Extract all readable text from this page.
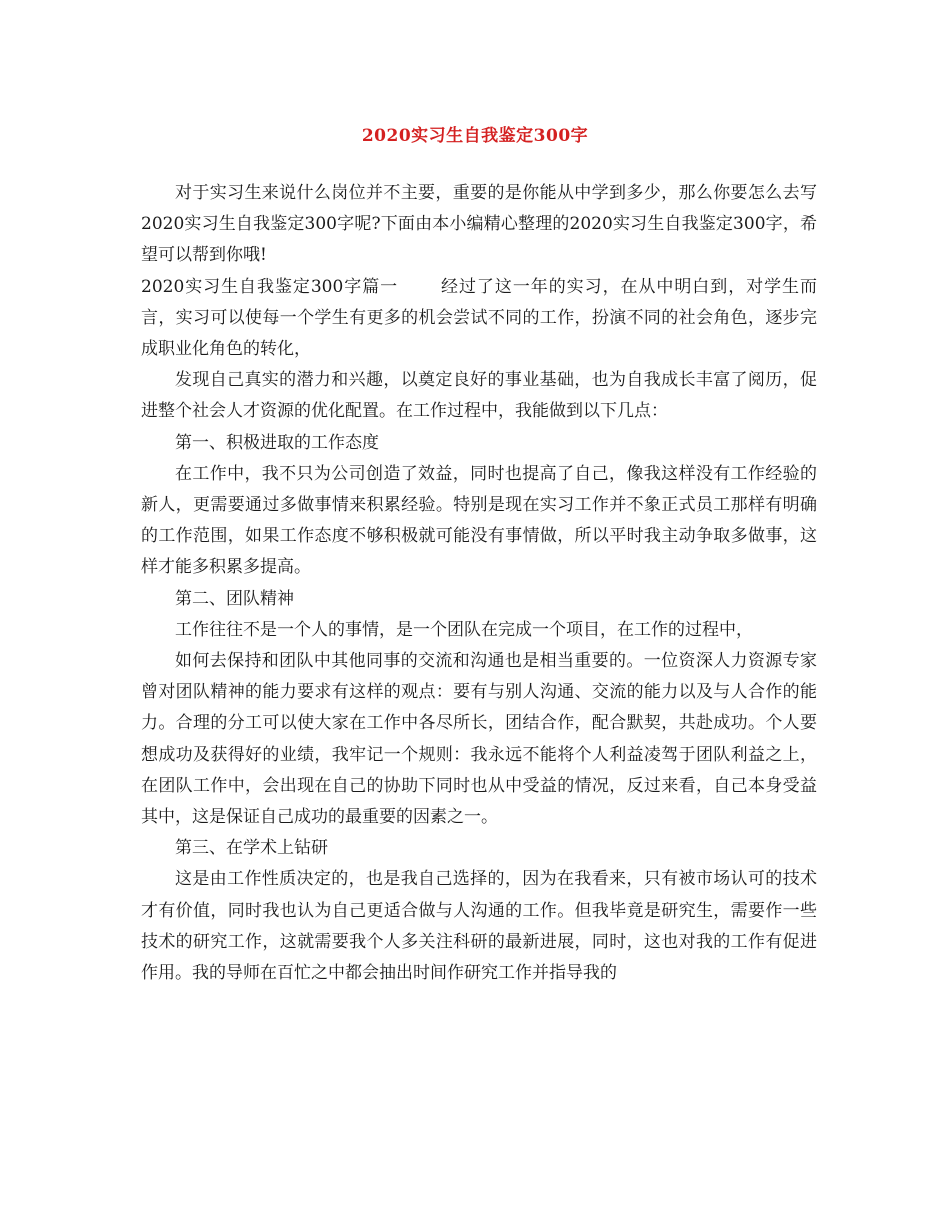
2020实习生自我鉴定300字

对于实习生来说什么岗位并不主要，重要的是你能从中学到多少，那么你要怎么去写2020实习生自我鉴定300字呢?下面由本小编精心整理的2020实习生自我鉴定300字，希望可以帮到你哦!

2020实习生自我鉴定300字篇一 经过了这一年的实习，在从中明白到，对学生而言，实习可以使每一个学生有更多的机会尝试不同的工作，扮演不同的社会角色，逐步完成职业化角色的转化，

发现自己真实的潜力和兴趣，以奠定良好的事业基础，也为自我成长丰富了阅历，促进整个社会人才资源的优化配置。在工作过程中，我能做到以下几点：

第一、积极进取的工作态度

在工作中，我不只为公司创造了效益，同时也提高了自己，像我这样没有工作经验的新人，更需要通过多做事情来积累经验。特别是现在实习工作并不象正式员工那样有明确的工作范围，如果工作态度不够积极就可能没有事情做，所以平时我主动争取多做事，这样才能多积累多提高。

第二、团队精神

工作往往不是一个人的事情，是一个团队在完成一个项目，在工作的过程中，

如何去保持和团队中其他同事的交流和沟通也是相当重要的。一位资深人力资源专家曾对团队精神的能力要求有这样的观点：要有与别人沟通、交流的能力以及与人合作的能力。合理的分工可以使大家在工作中各尽所长，团结合作，配合默契，共赴成功。个人要想成功及获得好的业绩，我牢记一个规则：我永远不能将个人利益凌驾于团队利益之上，在团队工作中，会出现在自己的协助下同时也从中受益的情况，反过来看，自己本身受益其中，这是保证自己成功的最重要的因素之一。

第三、在学术上钻研

这是由工作性质决定的，也是我自己选择的，因为在我看来，只有被市场认可的技术才有价值，同时我也认为自己更适合做与人沟通的工作。但我毕竟是研究生，需要作一些技术的研究工作，这就需要我个人多关注科研的最新进展，同时，这也对我的工作有促进作用。我的导师在百忙之中都会抽出时间作研究工作并指导我的
